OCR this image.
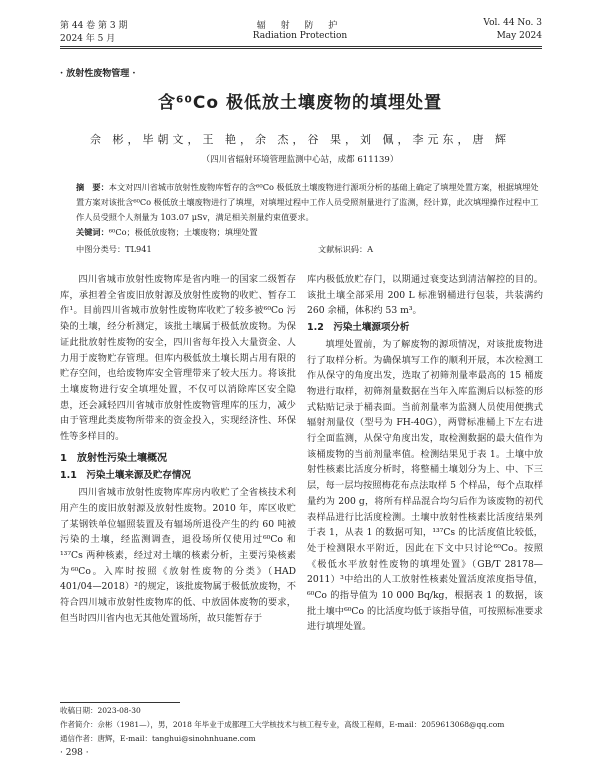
第 44 卷 第 3 期
2024 年 5 月
辐 射 防 护
Radiation Protection
Vol. 44 No. 3
May 2024
· 放射性废物管理 ·
含⁶⁰Co 极低放土壤废物的填埋处置
佘 彬，毕朝文，王 艳，余 杰，谷 果，刘 佩，李元东，唐 辉
（四川省辐射环境管理监测中心站，成都 611139）
摘　要：本文对四川省城市放射性废物库暂存的含⁶⁰Co 极低放土壤废物进行源项分析的基础上确定了填埋处置方案，根据填埋处置方案对该批含⁶⁰Co 极低放土壤废物进行了填埋，对填埋过程中工作人员受照剂量进行了监测，经计算，此次填埋操作过程中工作人员受照个人剂量为 103.07 μSv，满足相关剂量约束值要求。
关键词：⁶⁰Co；极低放废物；土壤废物；填埋处置
中图分类号：TL941	文献标识码：A

四川省城市放射性废物库是省内唯一的国家二级暂存库，承担着全省废旧放射源及放射性废物的收贮、暂存工作¹。目前四川省城市放射性废物库收贮了较多被⁶⁰Co 污染的土壤，经分析测定，该批土壤属于极低放废物。为保证此批放射性废物的安全，四川省每年投入大量资金、人力用于废物贮存管理。但库内极低放土壤长期占用有限的贮存空间，也给废物库安全管理带来了较大压力。将该批土壤废物进行安全填埋处置，不仅可以消除库区安全隐患，还会减轻四川省城市放射性废物管理库的压力，减少由于管理此类废物所带来的资金投入，实现经济性、环保性等多样目的。

1　放射性污染土壤概况
1.1　污染土壤来源及贮存情况

四川省城市放射性废物库库房内收贮了全省核技术利用产生的废旧放射源及放射性废物。2010 年，库区收贮了某钢铁单位辐照装置及有辐场所退役产生的约 60 吨被污染的土壤，经监测调查，退役场所仅使用过⁶⁰Co 和¹³⁷Cs 两种核素，经过对土壤的核素分析，主要污染核素为⁶⁰Co。入库时按照《放射性废物的分类》（HAD 401/04—2018）²的规定，该批废物属于极低放废物，不符合四川城市放射性废物库的低、中放固体废物的要求，但当时四川省内也无其他处置场所，故只能暂存于

库内极低放贮存门，以期通过衰变达到清洁解控的目的。该批土壤全部采用 200 L 标准钢桶进行包装，共装满约 260 余桶，体积约 53 m³。

1.2　污染土壤源项分析

填埋处置前，为了解废物的源项情况，对该批废物进行了取样分析。为确保填写工作的顺利开展，本次检测工作从保守的角度出发，选取了初筛剂量率最高的 15 桶废物进行取样，初筛剂量数据在当年入库监测后以标签的形式粘贴记录于桶表面。当前剂量率为监测人员使用便携式辐射剂量仪（型号为 FH-40G），两臂标准桶上下左右进行全面监测，从保守角度出发，取检测数据的最大值作为该桶废物的当前剂量率值。检测结果见于表 1。土壤中放射性核素比活度分析时，将整桶土壤划分为上、中、下三层，每一层均按照梅花布点法取样 5 个样品，每个点取样量约为 200 g，将所有样品混合均匀后作为该废物的初代表样品进行比活度检测。土壤中放射性核素比活度结果列于表 1，从表 1 的数据可知，¹³⁷Cs 的比活度值比较低，处于检测限水平附近，因此在下文中只讨论⁶⁰Co。按照《极低水平放射性废物的填埋处置》（GB/T 28178—2011）³中给出的人工放射性核素处置活度浓度指导值，⁶⁰Co 的指导值为 10 000 Bq/kg，根据表 1 的数据，该批土壤中⁶⁰Co 的比活度均低于该指导值，可按照标准要求进行填埋处置。

收稿日期：2023-08-30
作者简介：佘彬（1981—），男，2018 年毕业于成都理工大学核技术与核工程专业，高级工程师，E-mail：2059613068@qq.com
通信作者：唐辉，E-mail：tanghui@sinohnhuane.com
· 298 ·
